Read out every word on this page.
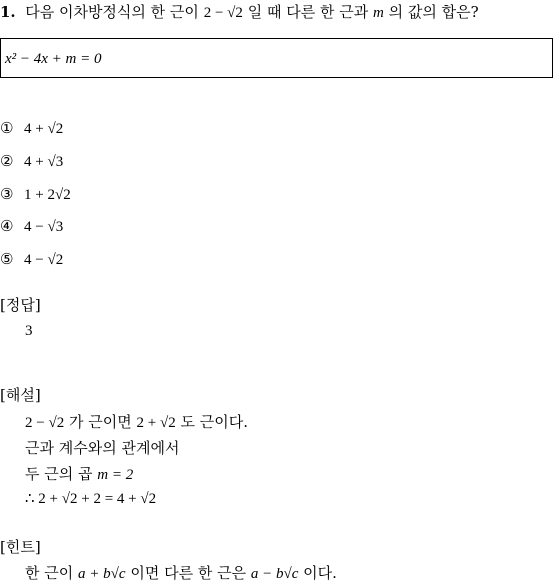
1. 다음 이차방정식의 한 근이 2 − √2 일 때 다른 한 근과 m 의 값의 합은?
x² − 4x + m = 0
① 4 + √2
② 4 + √3
③ 1 + 2√2
④ 4 − √3
⑤ 4 − √2
[정답]
3
[해설]
2 − √2 가 근이면 2 + √2 도 근이다.
근과 계수와의 관계에서
두 근의 곱 m = 2
∴ 2 + √2 + 2 = 4 + √2
[힌트]
한 근이 a + b√c 이면 다른 한 근은 a − b√c 이다.
